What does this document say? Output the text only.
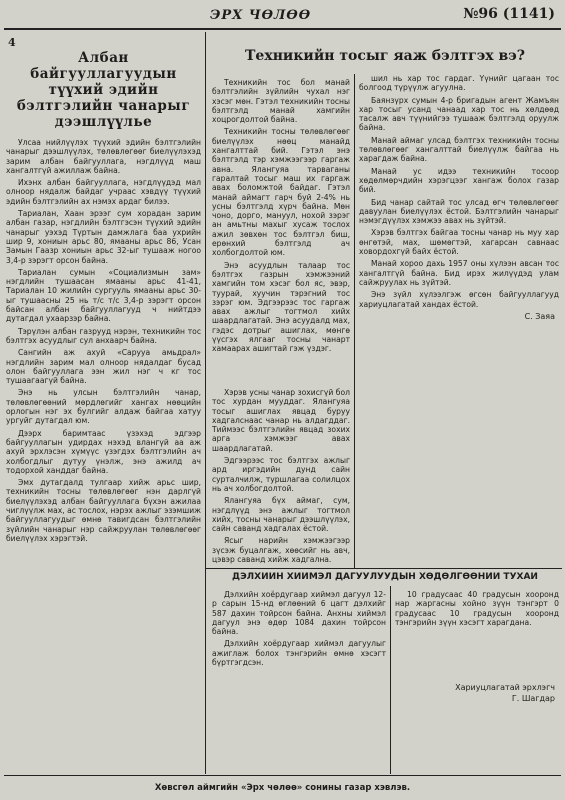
4
ЭРХ ЧӨЛӨӨ	№96 (1141)
Албан байгууллагуудын түүхий эдийн бэлтгэлийн чанарыг дээшлүүлье

Улсаа нийлүүлэх түүхий эдийн бэлтгэлийн чанарыг дээшлүүлэх, төлөвлөгөөг биелүүлэхэд зарим албан байгууллага, нэгдлүүд маш хангалтгүй ажиллаж байна.

Ихэнх албан байгууллага, нэгдлүүдэд мал олноор нядалж байдаг учраас хэвдүү түүхий эдийн бэлтгэлийн ах нэмэх ардаг билээ.

Тариалан, Хаан эрээг сум хорадан зарим албан газар, нэгдлийн бэлтгэсэн түүхий эдийн чанарыг уэхэд Түртын дамжлага баа ухрийн шир 9, хониын арьс 80, ямааны арьс 86, Усан Замын Гаазр хониын арьс 32-ыг тушааж ногоо 3,4-р зэрэгт орсон байна.

Тариалан сумын «Социализмын зам» нэгдлийн тушаасан ямааны арьс 41-41, Тариалан 10 жилийн сургууль ямааны арьс 30-ыг тушаасны 25 нь т/с т/с 3,4-р зэрэгт орсон байсан албан байгууллагууд ч нийтдээ дутагдал ухаарзэр байна.

Тэрүлэн албан газрууд нэрэн, техникийн тос бэлтгэх асуудлыг сул анхаарч байна.

Сангийн аж ахуй «Сарууа амьдрал» нэгдлийн зарим мал олноор нядалдаг бусад олон байгууллага ээн жил нэг ч кг тос тушаагаагүй байна.

Энэ нь улсын бэлтгэлийн чанар, төлөвлөгөөний мөрдлөгийг хангах нөөцийн орлогын нэг эх булгийг алдаж байгаа хатуу ургуйг дутагдал юм.

Дээрх баримтаас үзэхэд эдгээр байгууллагын удирдах нэхэд влангүй аа аж ахуй эрхлэсэн хүмүүс үзэгдэх бэлтгэлийн ач холбогдлыг дутуу үнэлж, энэ ажилд ач тодорхой ханддаг байна.

Эмх дутагдалд тулгаар хийж арьс шир, техникийн тосны төлөвлөгөөг нэн дарлгүй биелүүлэхэд албан байгууллага бүхэн ажилаа чиглүүлж мах, ас тослох, нэрэх ажлыг эзэмшиж байгууллагуудыг өмнө тавигдсан бэлтгэлийн зүйлийн чанарыг нэр сайжруулан төлөвлөгөөг биелүүлэх хэрэгтэй.

Техникийн тосыг яаж бэлтгэх вэ?

Техникийн тос бол манай бэлтгэлийн зүйлийн чухал нэг хэсэг мөн. Гэтэл техникийн тосны бэлтгэлд манай хамгийн хоцрогдолтой байна.

Техникийн тосны төлөвлөгөөг биелүүлэх нөөц манайд хангалттай бий. Гэтэл энэ бэлтгэлд тэр хэмжээгээр гаргаж авна. Ялангуяа тарваганы гаралтай тосыг маш их гаргаж авах боломжтой байдаг. Гэтэл манай аймагт гарч буй 2-4% нь усны бэлтгэлд хүрч байна. Мөн чоно, дорго, мануул, нохой зэрэг ан амьтны махыг хусаж тослох ажил зөвхөн тос бэлтгэл биш, ерөнхий бэлтгэлд ач холбогдолтой юм.

Энэ асуудлын талаар тос бэлтгэх газрын хэмжээний хамгийн том хэсэг бол яс, эвэр, туурай, хуучин тэрэгний тос зэрэг юм. Эдгээрээс тос гаргаж авах ажлыг тогтмол хийх шаардлагатай. Энэ асуудалд мах, гэдэс дотрыг ашиглах, мөнгө үүсгэх ялгааг тосны чанарт хамаарах ашигтай гэж үздэг.

Хэрэв усны чанар зохисгүй бол тос хурдан мууддаг. Ялангуяа тосыг ашиглах явцад буруу хадгалснаас чанар нь алдагддаг. Тиймээс бэлтгэлийн явцад зохих арга хэмжээг авах шаардлагатай.

Эдгээрээс тос бэлтгэх ажлыг ард иргэдийн дунд сайн сурталчилж, туршлагаа солилцох нь ач холбогдолтой.

Ялангуяа бүх аймаг, сум, нэгдлүүд энэ ажлыг тогтмол хийх, тосны чанарыг дээшлүүлэх, сайн саванд хадгалах ёстой.

Ясыг нарийн хэмжээгээр зүсэж буцалгаж, хөөсийг нь авч, цэвэр саванд хийж хадгална.

шил нь хар тос гардаг. Үүнийг цагаан тос болгоод түрүүлж агуулна.

Баянзүрх сумын 4-р бригадын агент Жамъян хар тосыг усанд чанаад хар тос нь хөлдөөд тасалж авч түүнийгээ тушааж бэлтгэлд оруулж байна.

Манай аймаг улсад бэлтгэх техникийн тосны төлөвлөгөөг хангалттай биелүүлж байгаа нь харагдаж байна.

Манай ус идээ техникийн тосоор хөдөлмөрчдийн хэрэгцээг хангаж болох газар бий.

Бид чанар сайтай тос улсад өгч төлөвлөгөөг давуулан биелүүлэх ёстой. Бэлтгэлийн чанарыг нэмэгдүүлэх хэмжээ авах нь зүйтэй.

Хэрэв бэлтгэх байгаа тосны чанар нь муу хар өнгөтэй, мах, шөмөгтэй, хагарсан савнаас ховордохгүй байх ёстой.

Манай хороо дахь 1957 оны хүлээн авсан тос хангалтгүй байна. Бид ирэх жилүүдэд улам сайжруулах нь зүйтэй.

Энэ зүйл хүлээлгэж өгсөн байгууллагууд хариуцлагатай хандах ёстой.

С. Заяа
ДЭЛХИЙН ХИЙМЭЛ ДАГУУЛУУДЫН ХӨДӨЛГӨӨНИЙ ТУХАЙ

Дэлхийн хоёрдугаар хиймэл дагуул 12-р сарын 15-нд өглөөний 6 цагт дэлхийг 587 дахин тойрсон байна. Анхны хиймэл дагуул энэ өдөр 1084 дахин тойрсон байна.

Дэлхийн хоёрдугаар хиймэл дагуулыг ажиглаж болох тэнгэрийн өмнө хэсэгт бүртгэгдсэн.

10 градусаас 40 градусын хооронд нар жаргасны хойно зүүн тэнгэрт 0 градусаас 10 градусын хооронд тэнгэрийн зүүн хэсэгт харагдана.

Хариуцлагатай эрхлэгч
Г. Шагдар
Хөвсгөл аймгийн «Эрх чөлөө» сонины газар хэвлэв.
